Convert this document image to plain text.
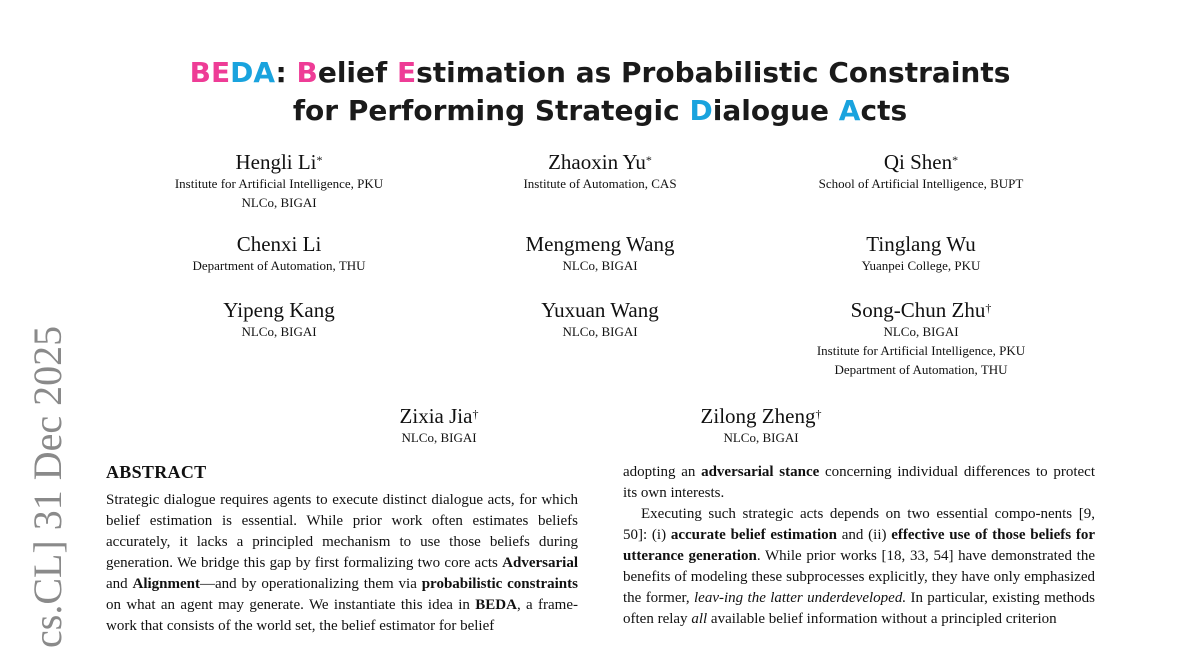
BEDA: Belief Estimation as Probabilistic Constraints
for Performing Strategic Dialogue Acts
Hengli Li*
Institute for Artificial Intelligence, PKU
NLCo, BIGAI
Zhaoxin Yu*
Institute of Automation, CAS
Qi Shen*
School of Artificial Intelligence, BUPT
Chenxi Li
Department of Automation, THU
Mengmeng Wang
NLCo, BIGAI
Tinglang Wu
Yuanpei College, PKU
Yipeng Kang
NLCo, BIGAI
Yuxuan Wang
NLCo, BIGAI
Song-Chun Zhu†
NLCo, BIGAI
Institute for Artificial Intelligence, PKU
Department of Automation, THU
Zixia Jia†
NLCo, BIGAI
Zilong Zheng†
NLCo, BIGAI
cs.CL] 31 Dec 2025 ABSTRACT

Strategic dialogue requires agents to execute distinct dialogue acts, for which belief estimation is essential. While prior work often estimates beliefs accurately, it lacks a principled mechanism to use those beliefs during generation. We bridge this gap by first formalizing two core acts Adversarial and Alignment—and by operationalizing them via probabilistic constraints on what an agent may generate. We instantiate this idea in BEDA, a frame-work that consists of the world set, the belief estimator for belief

adopting an adversarial stance concerning individual differences to protect its own interests.

Executing such strategic acts depends on two essential compo-nents [9, 50]: (i) accurate belief estimation and (ii) effective use of those beliefs for utterance generation. While prior works [18, 33, 54] have demonstrated the benefits of modeling these subprocesses explicitly, they have only emphasized the former, leav-ing the latter underdeveloped. In particular, existing methods often relay all available belief information without a principled criterion
